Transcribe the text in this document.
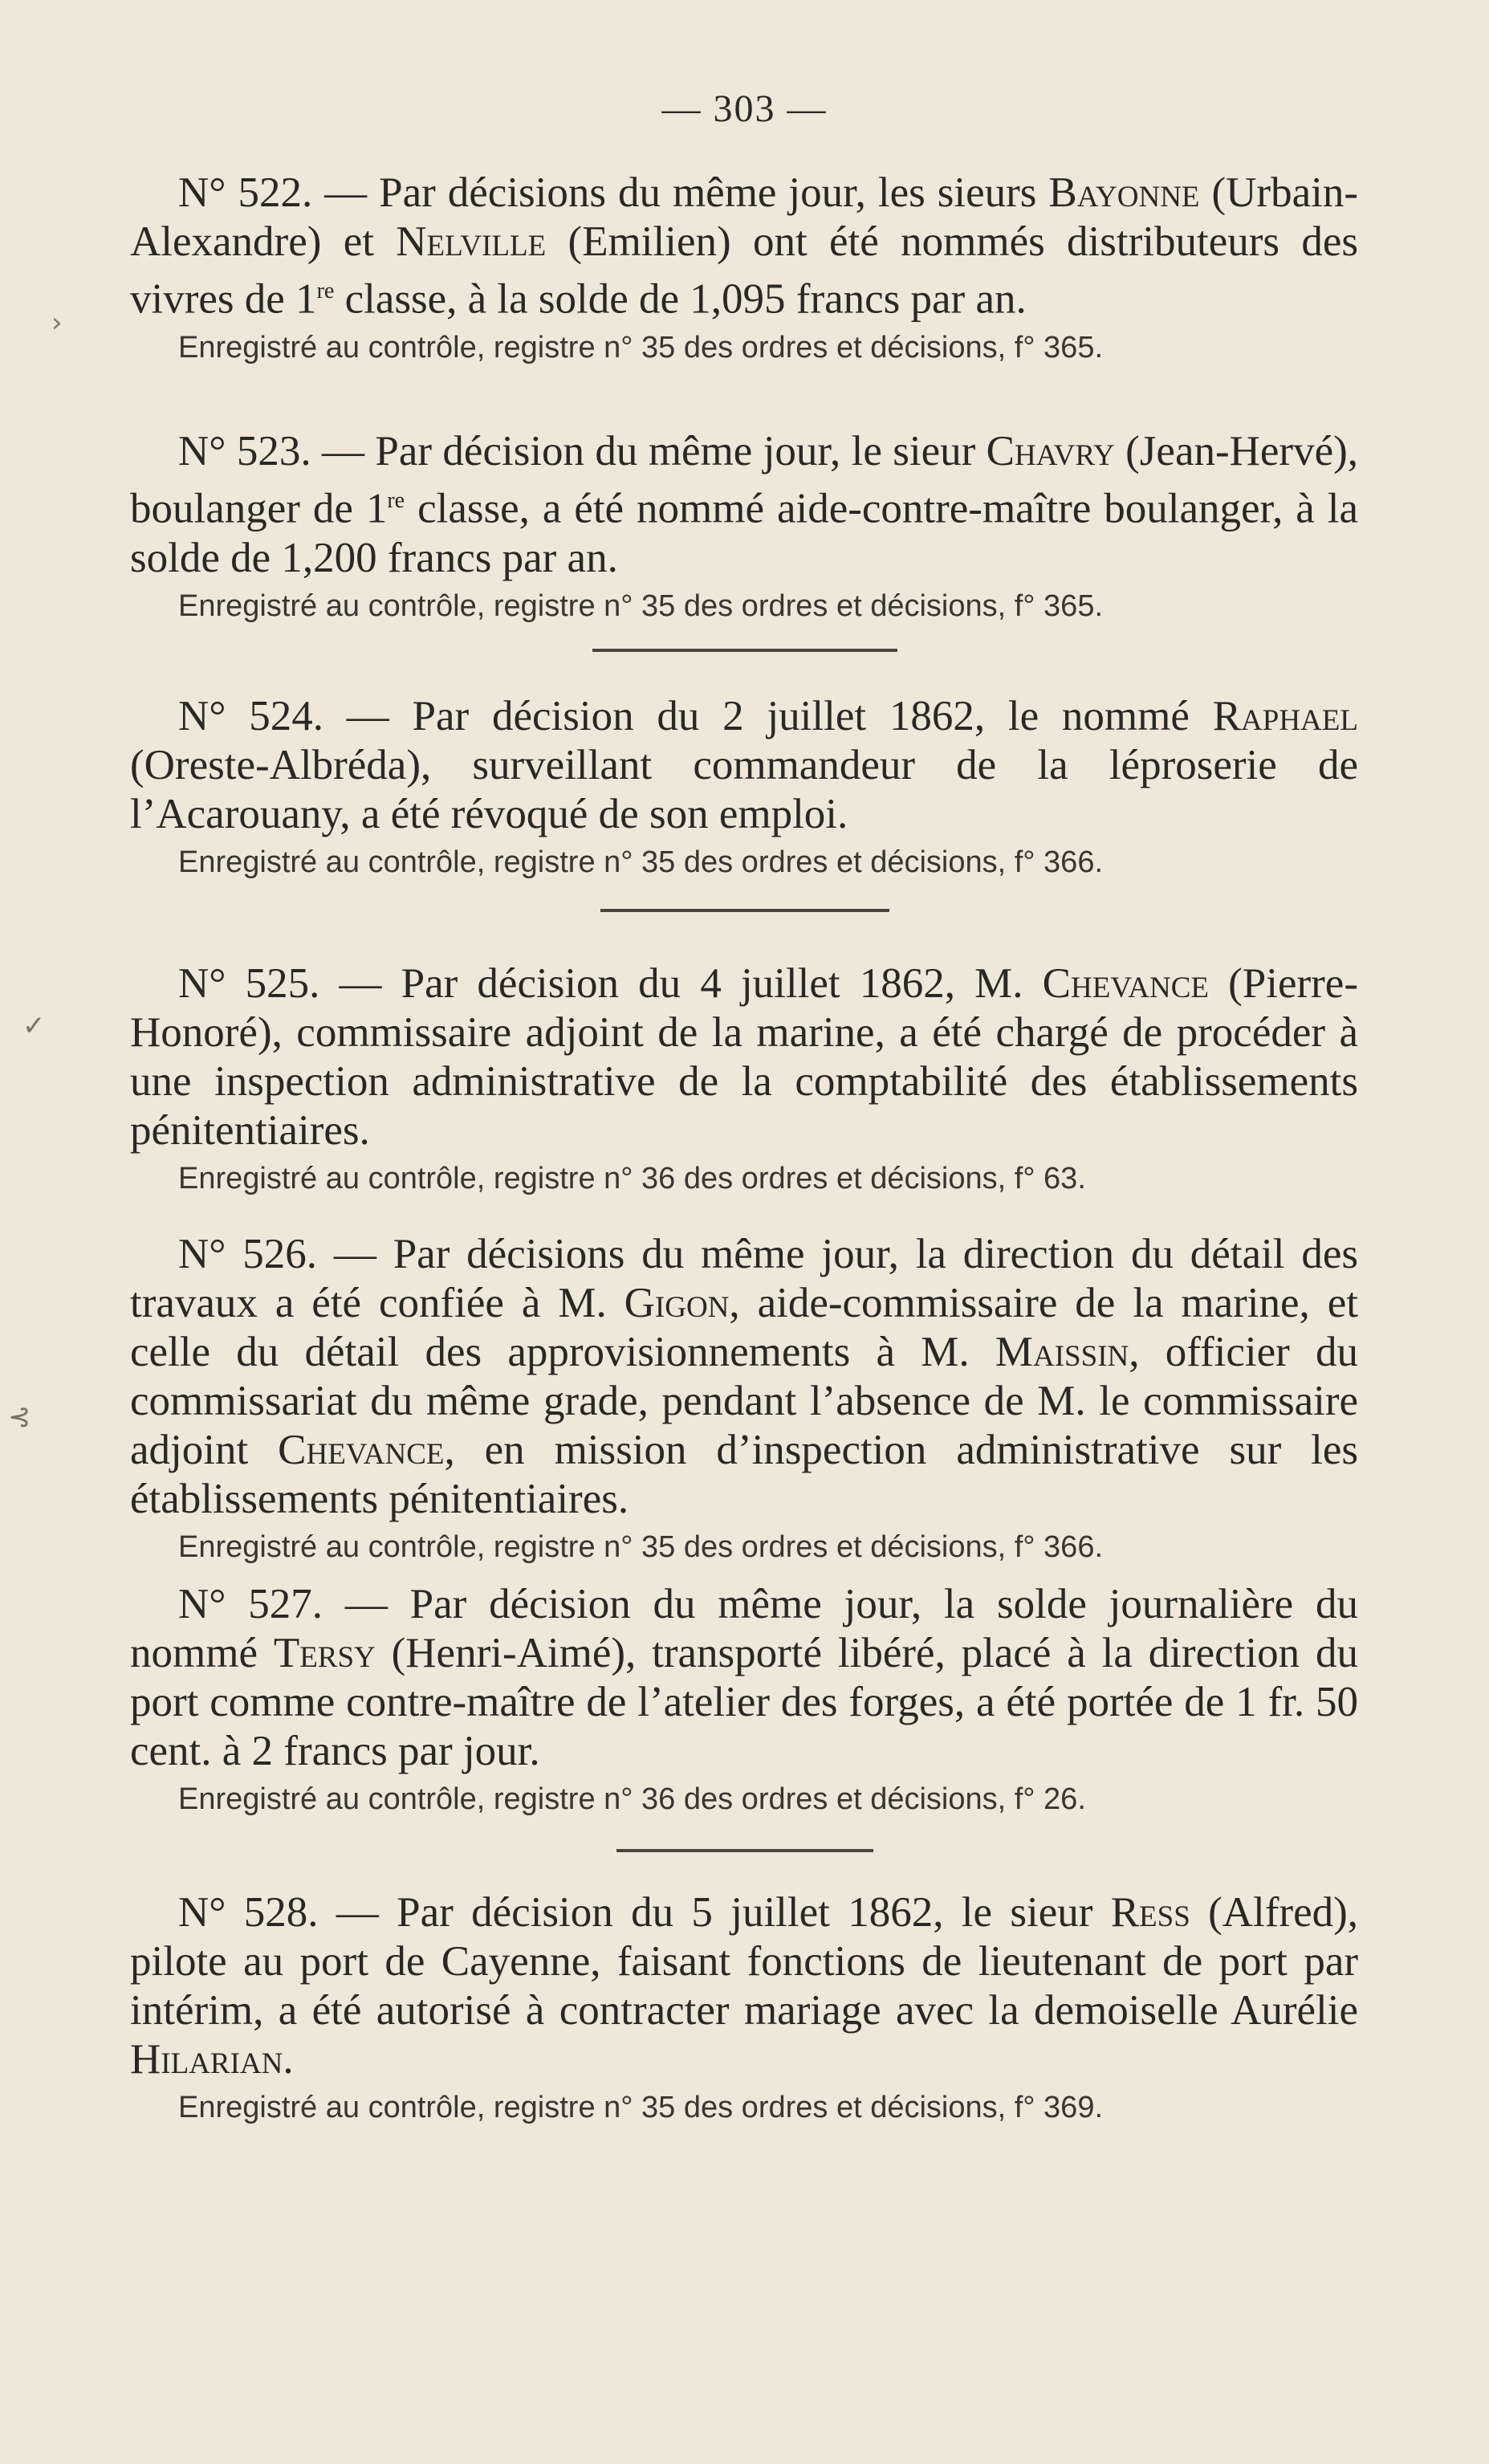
— 303 —
›
✓
⊰

N° 522. — Par décisions du même jour, les sieurs Bayonne (Urbain-Alexandre) et Nelville (Emilien) ont été nommés distributeurs des vivres de 1re classe, à la solde de 1,095 francs par an.

Enregistré au contrôle, registre n° 35 des ordres et décisions, f° 365.

N° 523. — Par décision du même jour, le sieur Chavry (Jean-Hervé), boulanger de 1re classe, a été nommé aide-contre-maître boulanger, à la solde de 1,200 francs par an.

Enregistré au contrôle, registre n° 35 des ordres et décisions, f° 365.

N° 524. — Par décision du 2 juillet 1862, le nommé Raphael (Oreste-Albréda), surveillant commandeur de la léproserie de l’Acarouany, a été révoqué de son emploi.

Enregistré au contrôle, registre n° 35 des ordres et décisions, f° 366.

N° 525. — Par décision du 4 juillet 1862, M. Chevance (Pierre-Honoré), commissaire adjoint de la marine, a été chargé de procéder à une inspection administrative de la comptabilité des établissements pénitentiaires.

Enregistré au contrôle, registre n° 36 des ordres et décisions, f° 63.

N° 526. — Par décisions du même jour, la direction du détail des travaux a été confiée à M. Gigon, aide-commissaire de la marine, et celle du détail des approvisionnements à M. Maissin, officier du commissariat du même grade, pendant l’absence de M. le commissaire adjoint Chevance, en mission d’inspection administrative sur les établissements pénitentiaires.

Enregistré au contrôle, registre n° 35 des ordres et décisions, f° 366.

N° 527. — Par décision du même jour, la solde journalière du nommé Tersy (Henri-Aimé), transporté libéré, placé à la direction du port comme contre-maître de l’atelier des forges, a été portée de 1 fr. 50 cent. à 2 francs par jour.

Enregistré au contrôle, registre n° 36 des ordres et décisions, f° 26.

N° 528. — Par décision du 5 juillet 1862, le sieur Ress (Alfred), pilote au port de Cayenne, faisant fonctions de lieutenant de port par intérim, a été autorisé à contracter mariage avec la demoiselle Aurélie Hilarian.

Enregistré au contrôle, registre n° 35 des ordres et décisions, f° 369.
